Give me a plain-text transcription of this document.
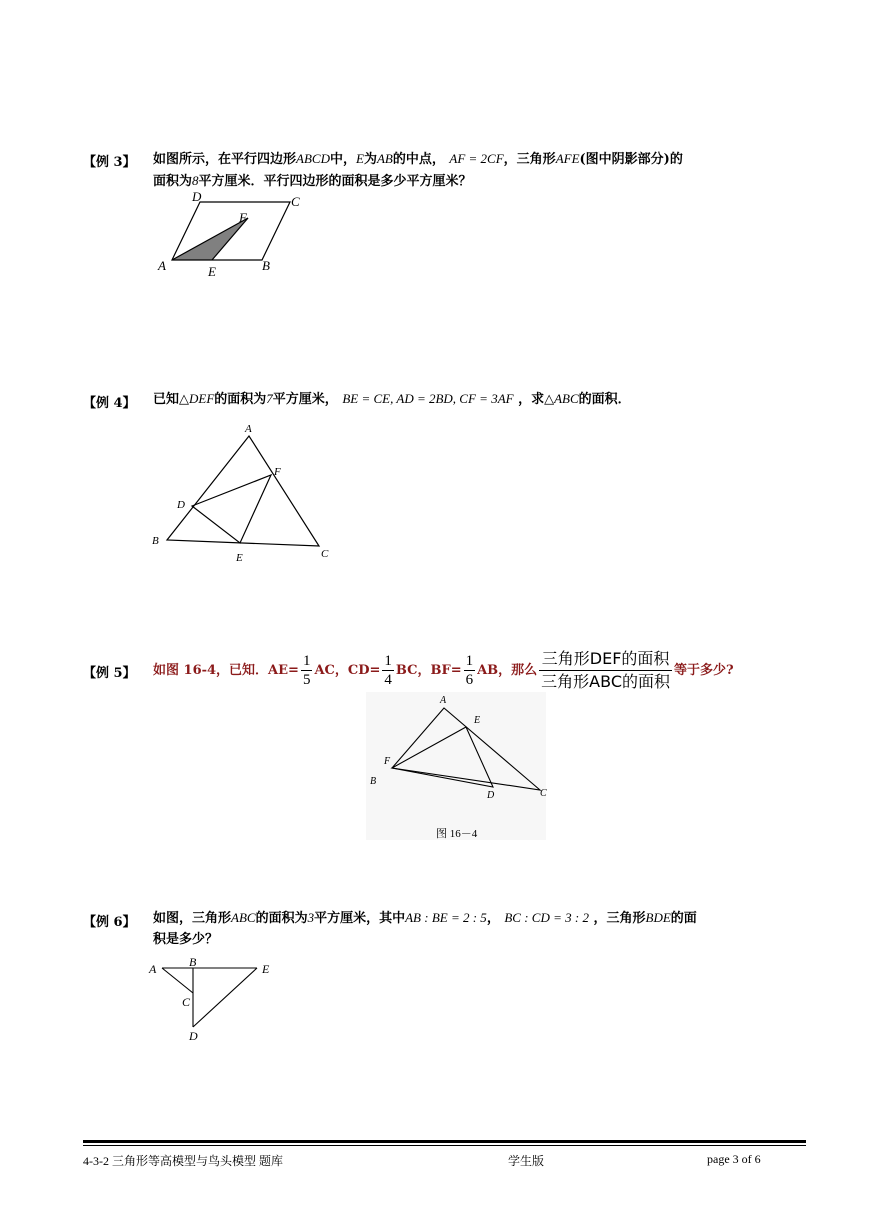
【例 3】 如图所示，在平行四边形ABCD中，E为AB的中点， AF = 2CF，三角形AFE(图中阴影部分)的
面积为8平方厘米．平行四边形的面积是多少平方厘米？
D	C
F
A	E	B
【例 4】 已知△DEF的面积为7平方厘米， BE = CE, AD = 2BD, CF = 3AF ，求△ABC的面积．
A
F
D
B
E	C
【例 5】 如图 16-4，已知．$AE= \frac{1}{5}$ AC，$CD= \frac{1}{4}$ BC，$BF= \frac{1}{6}$ AB，那么 $\frac{\text{三角形DEF的面积}}{\text{三角形ABC的面积}}$ 等于多少?
A
E
F
B
D	C
图 16－4
【例 6】 如图，三角形ABC的面积为3平方厘米，其中AB : BE = 2 : 5， BC : CD = 3 : 2 ，三角形BDE的面
积是多少？
A	B	E
C
D
4-3-2 三角形等高模型与鸟头模型 题库	学生版	page 3 of 6
